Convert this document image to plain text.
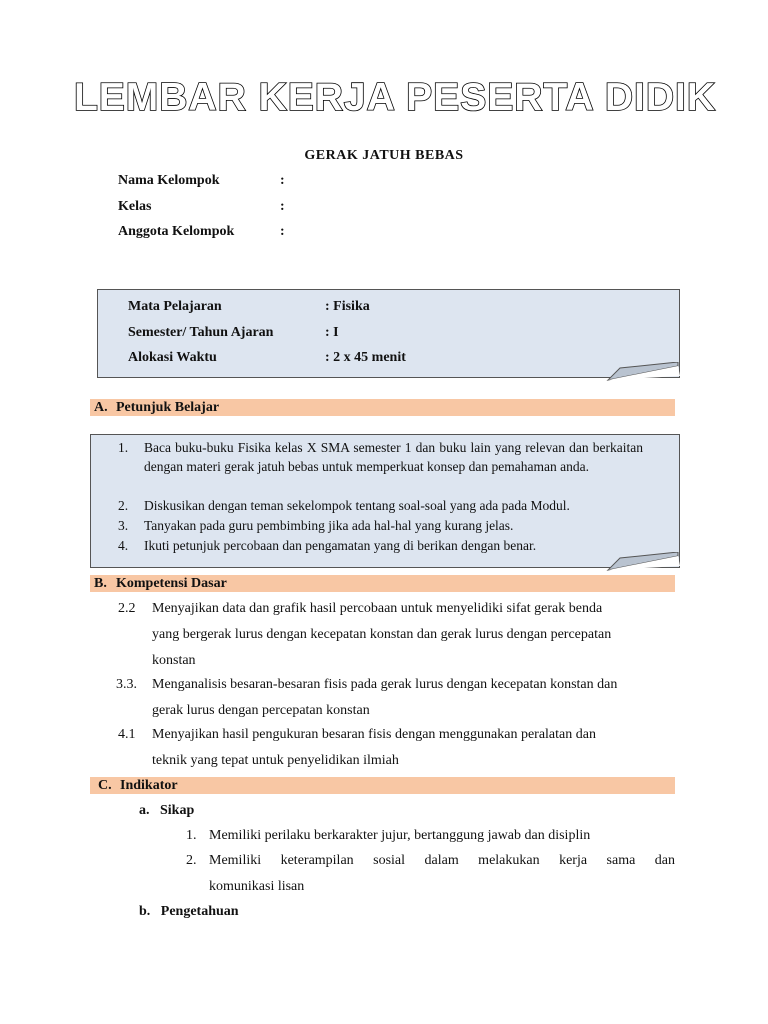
LEMBAR KERJA PESERTA DIDIK
GERAK JATUH BEBAS
Nama Kelompok	:
Kelas	:
Anggota Kelompok	:
Mata Pelajaran	: Fisika
Semester/ Tahun Ajaran	: I
Alokasi Waktu	: 2 x 45 menit
A. Petunjuk Belajar
1.	Baca buku-buku Fisika kelas X SMA semester 1 dan buku lain yang relevan dan berkaitan dengan materi gerak jatuh bebas untuk memperkuat konsep dan pemahaman anda.
2.	Diskusikan dengan teman sekelompok tentang soal-soal yang ada pada Modul.
3.	Tanyakan pada guru pembimbing jika ada hal-hal yang kurang jelas.
4.	Ikuti petunjuk percobaan dan pengamatan yang di berikan dengan benar.
B. Kompetensi Dasar
2.2 Menyajikan data dan grafik hasil percobaan untuk menyelidiki sifat gerak benda
yang bergerak lurus dengan kecepatan konstan dan gerak lurus dengan percepatan
konstan
3.3. Menganalisis besaran-besaran fisis pada gerak lurus dengan kecepatan konstan dan
gerak lurus dengan percepatan konstan
4.1 Menyajikan hasil pengukuran besaran fisis dengan menggunakan peralatan dan
teknik yang tepat untuk penyelidikan ilmiah
C. Indikator
a.   Sikap
1. Memiliki perilaku berkarakter jujur, bertanggung jawab dan disiplin
2. Memiliki keterampilan sosial dalam melakukan kerja sama dan
komunikasi lisan
b.   Pengetahuan
